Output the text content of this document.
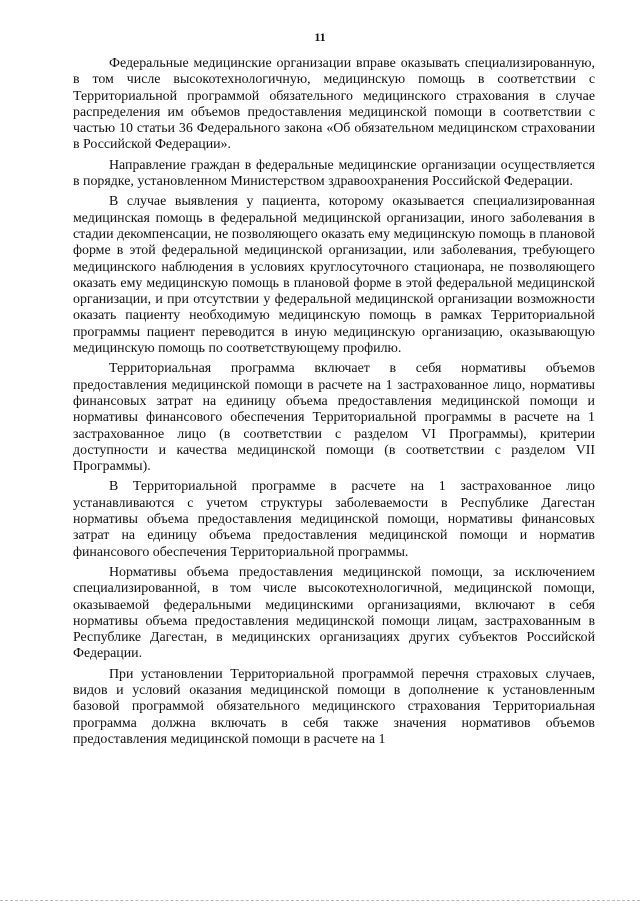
11

Федеральные медицинские организации вправе оказывать специализированную, в том числе высокотехнологичную, медицинскую помощь в соответствии с Территориальной программой обязательного медицинского страхования в случае распределения им объемов предоставления медицинской помощи в соответствии с частью 10 статьи 36 Федерального закона «Об обязательном медицинском страховании в Российской Федерации».

Направление граждан в федеральные медицинские организации осуществляется в порядке, установленном Министерством здравоохранения Российской Федерации.

В случае выявления у пациента, которому оказывается специализированная медицинская помощь в федеральной медицинской организации, иного заболевания в стадии декомпенсации, не позволяющего оказать ему медицинскую помощь в плановой форме в этой федеральной медицинской организации, или заболевания, требующего медицинского наблюдения в условиях круглосуточного стационара, не позволяющего оказать ему медицинскую помощь в плановой форме в этой федеральной медицинской организации, и при отсутствии у федеральной медицинской организации возможности оказать пациенту необходимую медицинскую помощь в рамках Территориальной программы пациент переводится в иную медицинскую организацию, оказывающую медицинскую помощь по соответствующему профилю.

Территориальная программа включает в себя нормативы объемов предоставления медицинской помощи в расчете на 1 застрахованное лицо, нормативы финансовых затрат на единицу объема предоставления медицинской помощи и нормативы финансового обеспечения Территориальной программы в расчете на 1 застрахованное лицо (в соответствии с разделом VI Программы), критерии доступности и качества медицинской помощи (в соответствии с разделом VII Программы).

В Территориальной программе в расчете на 1 застрахованное лицо устанавливаются с учетом структуры заболеваемости в Республике Дагестан нормативы объема предоставления медицинской помощи, нормативы финансовых затрат на единицу объема предоставления медицинской помощи и норматив финансового обеспечения Территориальной программы.

Нормативы объема предоставления медицинской помощи, за исключением специализированной, в том числе высокотехнологичной, медицинской помощи, оказываемой федеральными медицинскими организациями, включают в себя нормативы объема предоставления медицинской помощи лицам, застрахованным в Республике Дагестан, в медицинских организациях других субъектов Российской Федерации.

При установлении Территориальной программой перечня страховых случаев, видов и условий оказания медицинской помощи в дополнение к установленным базовой программой обязательного медицинского страхования Территориальная программа должна включать в себя также значения нормативов объемов предоставления медицинской помощи в расчете на 1
